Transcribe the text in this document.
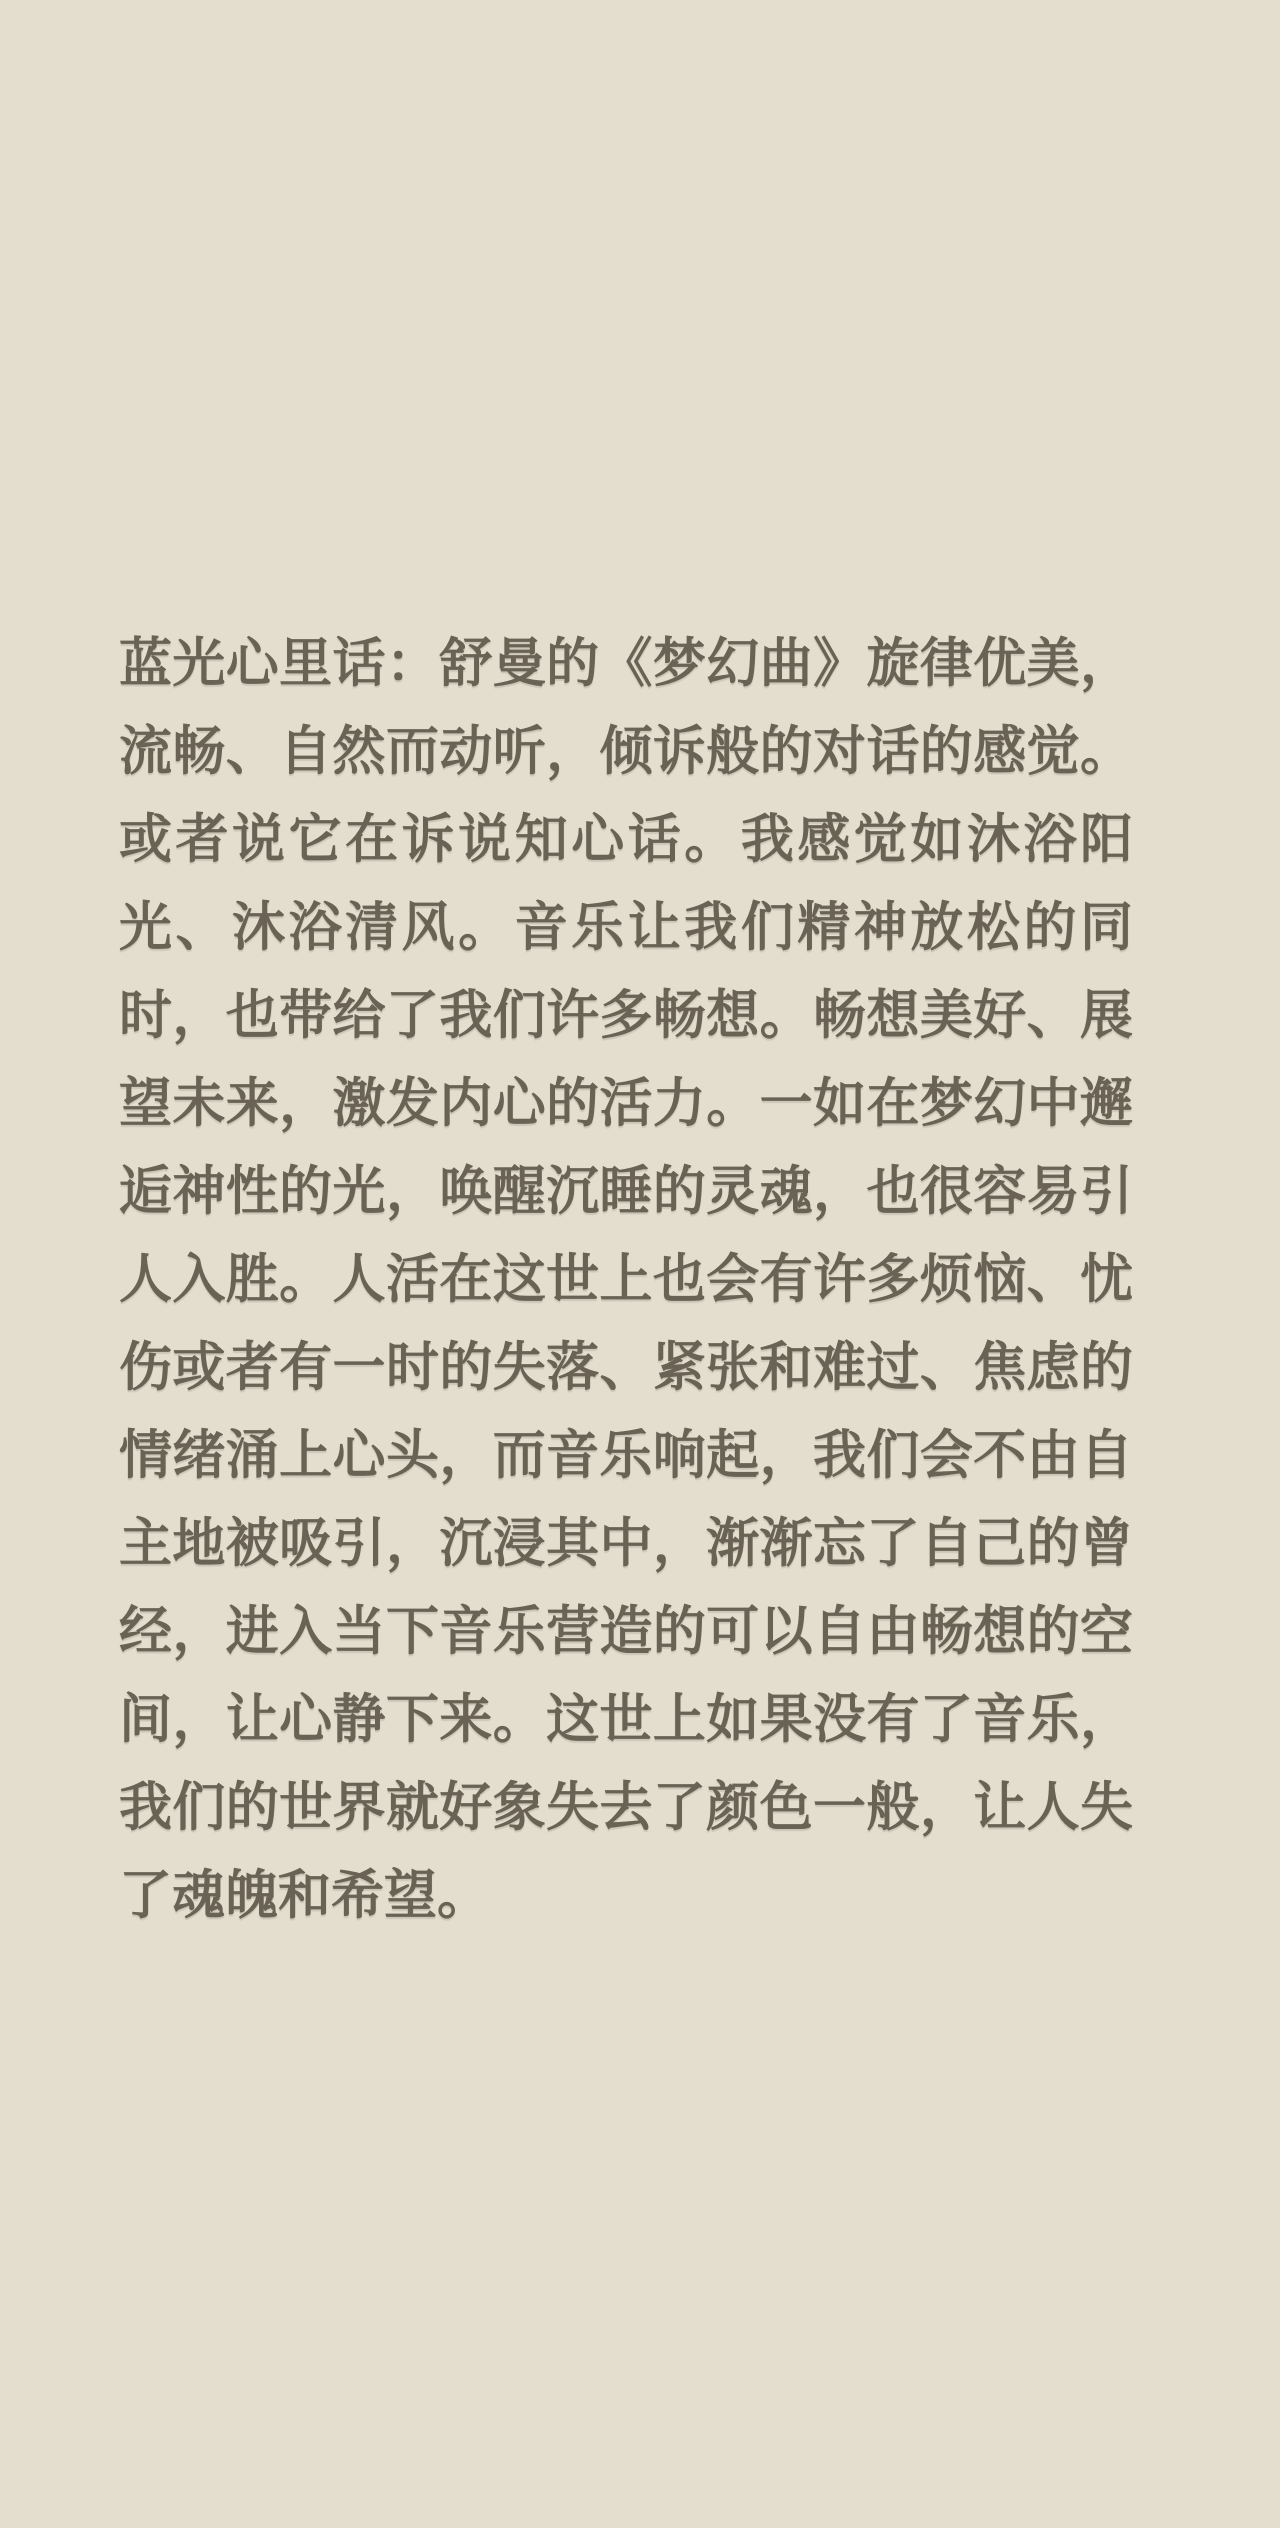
蓝光心里话：舒曼的《梦幻曲》旋律优美，
流畅、自然而动听，倾诉般的对话的感觉。
或者说它在诉说知心话。我感觉如沐浴阳
光、沐浴清风。音乐让我们精神放松的同
时，也带给了我们许多畅想。畅想美好、展
望未来，激发内心的活力。一如在梦幻中邂
逅神性的光，唤醒沉睡的灵魂，也很容易引
人入胜。人活在这世上也会有许多烦恼、忧
伤或者有一时的失落、紧张和难过、焦虑的
情绪涌上心头，而音乐响起，我们会不由自
主地被吸引，沉浸其中，渐渐忘了自己的曾
经，进入当下音乐营造的可以自由畅想的空
间，让心静下来。这世上如果没有了音乐，
我们的世界就好象失去了颜色一般，让人失
了魂魄和希望。
